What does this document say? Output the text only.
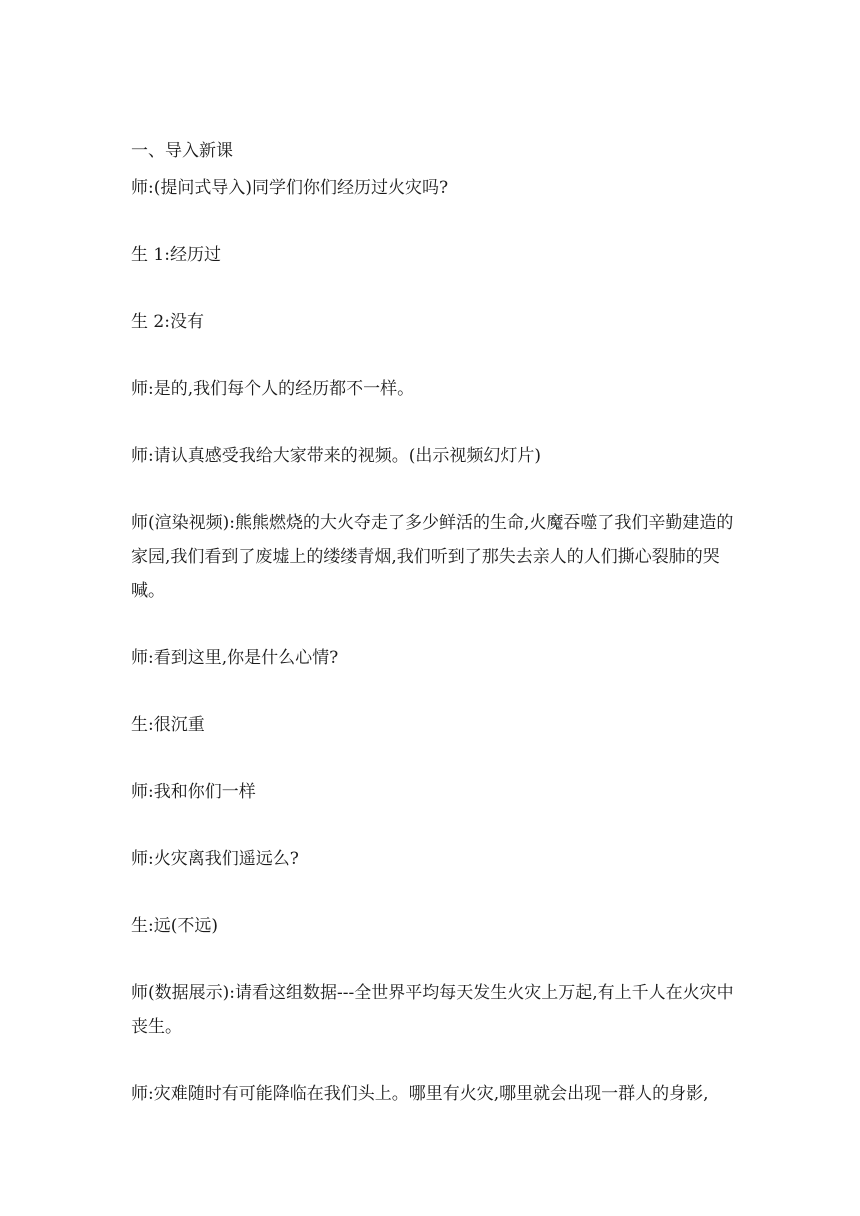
一、导入新课

师:(提问式导入)同学们你们经历过火灾吗?

生 1:经历过

生 2:没有

师:是的,我们每个人的经历都不一样。

师:请认真感受我给大家带来的视频。(出示视频幻灯片)

师(渲染视频):熊熊燃烧的大火夺走了多少鲜活的生命,火魔吞噬了我们辛勤建造的家园,我们看到了废墟上的缕缕青烟,我们听到了那失去亲人的人们撕心裂肺的哭喊。

师:看到这里,你是什么心情?

生:很沉重

师:我和你们一样

师:火灾离我们遥远么?

生:远(不远)

师(数据展示):请看这组数据---全世界平均每天发生火灾上万起,有上千人在火灾中丧生。

师:灾难随时有可能降临在我们头上。哪里有火灾,哪里就会出现一群人的身影,
